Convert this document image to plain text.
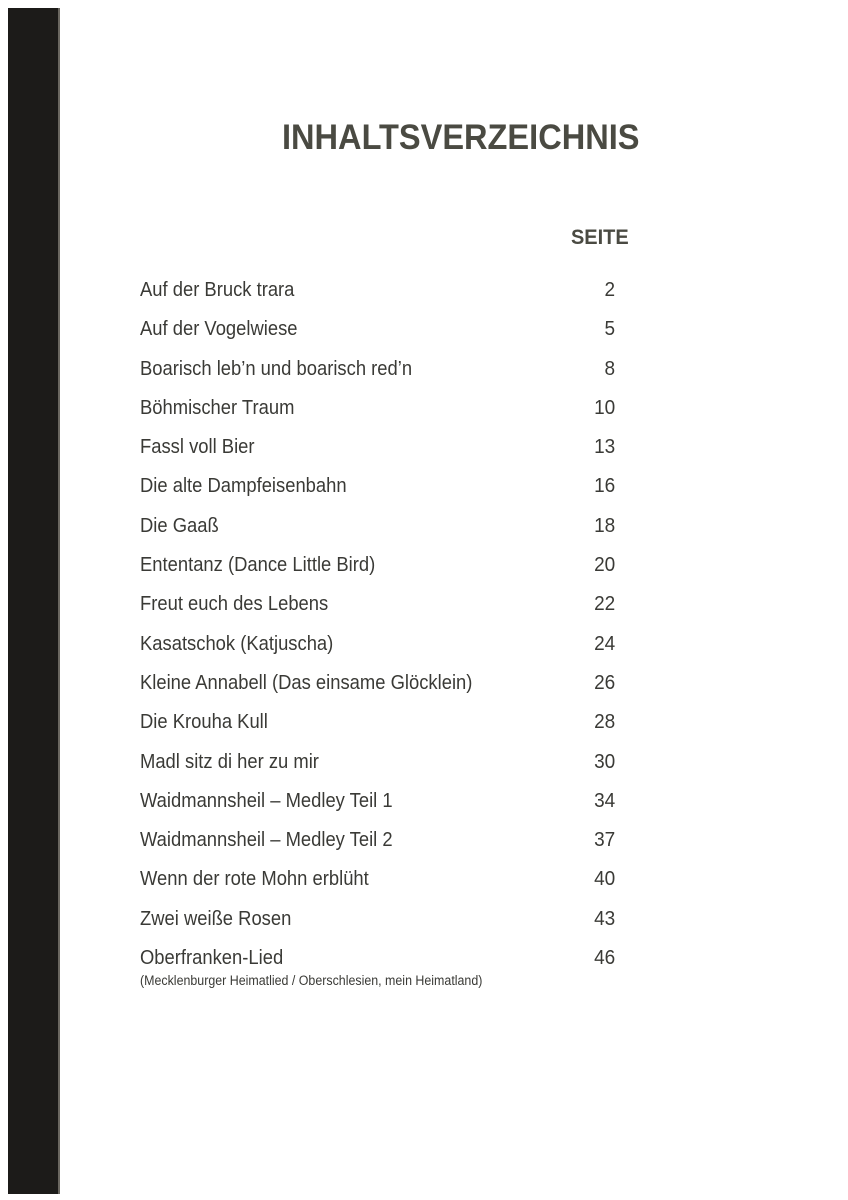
INHALTSVERZEICHNIS
SEITE
Auf der Bruck trara	2
Auf der Vogelwiese	5
Boarisch leb’n und boarisch red’n	8
Böhmischer Traum	10
Fassl voll Bier	13
Die alte Dampfeisenbahn	16
Die Gaaß	18
Ententanz (Dance Little Bird)	20
Freut euch des Lebens	22
Kasatschok (Katjuscha)	24
Kleine Annabell (Das einsame Glöcklein)	26
Die Krouha Kull	28
Madl sitz di her zu mir	30
Waidmannsheil – Medley Teil 1	34
Waidmannsheil – Medley Teil 2	37
Wenn der rote Mohn erblüht	40
Zwei weiße Rosen	43
Oberfranken-Lied	46
(Mecklenburger Heimatlied / Oberschlesien, mein Heimatland)
